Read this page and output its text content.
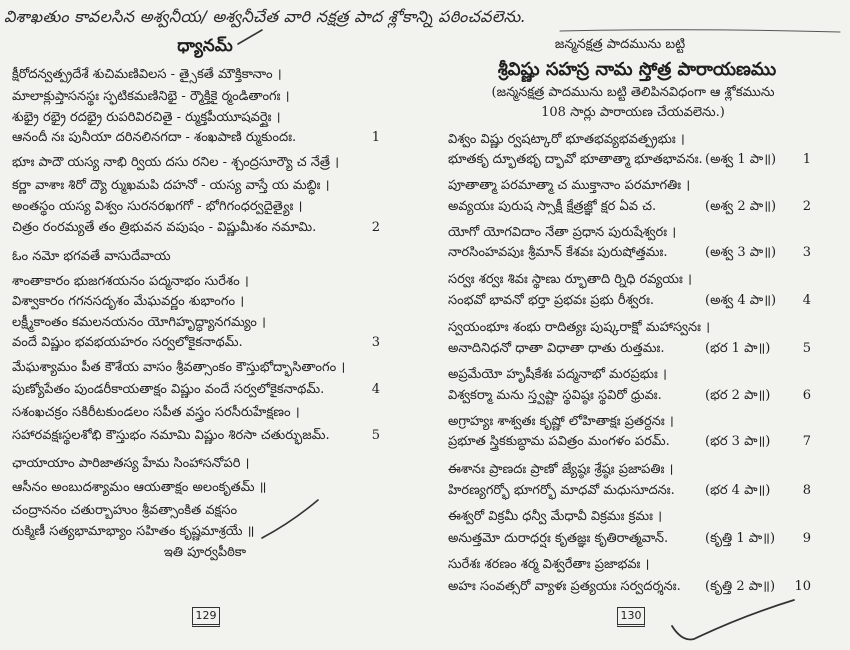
విశాఖతుం కావలసిన అశ్వనీయ/ అశ్వనీచేత వారి నక్షత్ర పాద శ్లోకాన్ని పఠించవలెను.
ధ్యానమ్
క్షీరోదన్వత్ప్రదేశే శుచిమణివిలస - త్సైకతే మౌక్తికానాం ।
మాలాక్లుప్తాసనస్థః స్ఫటికమణినిభై - ర్మౌక్తికై ర్మండితాంగః ।
శుభ్రై రభ్రై రదభ్రై రుపరివిరచితై - ర్ముక్తపీయూషవర్షైః ।
ఆనందీ నః పునీయా దరినలినగదా - శంఖపాణి ర్ముకుందః.	1
భూః పాదౌ యస్య నాభి ర్వియ దసు రనిల - శ్చంద్రసూర్యౌ చ నేత్రే ।
కర్ణా వాశాః శిరో ద్యౌ ర్ముఖమపి దహనో - యస్య వాస్తే య మబ్ధిః ।
అంతస్థం యస్య విశ్వం సురనరఖగగో - భోగిగంధర్వదైత్యైః ।
చిత్రం రంరమ్యతే తం త్రిభువన వపుషం - విష్ణుమీశం నమామి.	2
ఓం నమో భగవతే వాసుదేవాయ
శాంతాకారం భుజగశయనం పద్మనాభం సురేశం ।
విశ్వాకారం గగనసదృశం మేఘవర్ణం శుభాంగం ।
లక్ష్మీకాంతం కమలనయనం యోగిహృద్ధ్యానగమ్యం ।
వందే విష్ణుం భవభయహరం సర్వలోకైకనాథమ్.	3
మేఘశ్యామం పీత కౌశేయ వాసం శ్రీవత్సాంకం కౌస్తుభోద్భాసితాంగం ।
పుణ్యోపేతం పుండరీకాయతాక్షం విష్ణుం వందే సర్వలోకైకనాథమ్.	4
సశంఖచక్రం సకిరీటకుండలం సపీత వస్త్రం సరసీరుహేక్షణం ।
సహారవక్షఃస్థలశోభి కౌస్తుభం నమామి విష్ణుం శిరసా చతుర్భుజమ్.	5
ఛాయాయాం పారిజాతస్య హేమ సింహాసనోపరి ।
ఆసీనం అంబుదశ్యామం ఆయతాక్షం అలంకృతమ్ ॥
చంద్రాననం చతుర్బాహుం శ్రీవత్సాంకిత వక్షసం
రుక్మిణీ సత్యభామాభ్యాం సహితం కృష్ణమాశ్రయే ॥
ఇతి పూర్వపీఠికా
129
జన్మనక్షత్ర పాదమును బట్టి
శ్రీవిష్ణు సహస్ర నామ స్తోత్ర పారాయణము
(జన్మనక్షత్ర పాదమును బట్టి తెలిపినవిధంగా ఆ శ్లోకమును
108 సార్లు పారాయణ చేయవలెను.)
విశ్వం విష్ణు ర్వషట్కారో భూతభవ్యభవత్ప్రభుః ।
భూతకృ ద్భూతభృ ద్భావో భూతాత్మా భూతభావనః. (అశ్వ 1 పా॥)	1
పూతాత్మా పరమాత్మా చ ముక్తానాం పరమాగతిః ।
అవ్యయః పురుష స్సాక్షీ క్షేత్రజ్ఞో క్షర ఏవ చ.	(అశ్వ 2 పా॥)	2
యోగో యోగవిదాం నేతా ప్రధాన పురుషేశ్వరః ।
నారసింహవపుః శ్రీమాన్ కేశవః పురుషోత్తమః.	(అశ్వ 3 పా॥)	3
సర్వః శర్వః శివః స్థాణు ర్భూతాది ర్నిధి రవ్యయః ।
సంభవో భావనో భర్తా ప్రభవః ప్రభు రీశ్వరః.	(అశ్వ 4 పా॥)	4
స్వయంభూః శంభు రాదిత్యః పుష్కరాక్షో మహాస్వనః ।
అనాదినిధనో ధాతా విధాతా ధాతు రుత్తమః.	(భర 1 పా॥)	5
అప్రమేయో హృషీకేశః పద్మనాభో మరప్రభుః ।
విశ్వకర్మా మను స్త్వష్టా స్థవిష్ఠః స్థవిరో ధ్రువః.	(భర 2 పా॥)	6
అగ్రాహ్యః శాశ్వతః కృష్ణో లోహితాక్షః ప్రతర్దనః ।
ప్రభూత స్త్రికకుబ్ధామ పవిత్రం మంగళం పరమ్.	(భర 3 పా॥)	7
ఈశానః ప్రాణదః ప్రాణో జ్యేష్ఠః శ్రేష్ఠః ప్రజాపతిః ।
హిరణ్యగర్భో భూగర్భో మాధవో మధుసూదనః.	(భర 4 పా॥)	8
ఈశ్వరో విక్రమీ ధన్వీ మేధావీ విక్రమః క్రమః ।
అనుత్తమో దురాధర్షః కృతజ్ఞః కృతిరాత్మవాన్.	(కృత్తి 1 పా॥)	9
సురేశః శరణం శర్మ విశ్వరేతాః ప్రజాభవః ।
అహః సంవత్సరో వ్యాళః ప్రత్యయః సర్వదర్శనః.	(కృత్తి 2 పా॥)	10
130
